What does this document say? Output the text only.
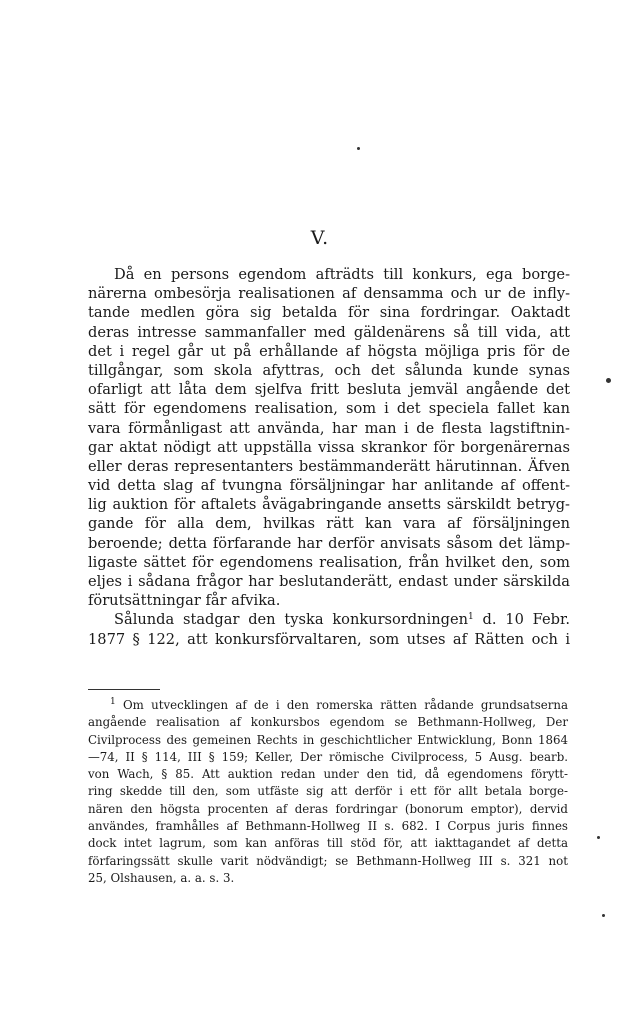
V.
Då en persons egendom afträdts till konkurs, ega borge-
närerna ombesörja realisationen af densamma och ur de infly-
tande medlen göra sig betalda för sina fordringar. Oaktadt
deras intresse sammanfaller med gäldenärens så till vida, att
det i regel går ut på erhållande af högsta möjliga pris för de
tillgångar, som skola afyttras, och det sålunda kunde synas
ofarligt att låta dem sjelfva fritt besluta jemväl angående det
sätt för egendomens realisation, som i det speciela fallet kan
vara förmånligast att använda, har man i de flesta lagstiftnin-
gar aktat nödigt att uppställa vissa skrankor för borgenärernas
eller deras representanters bestämmanderätt härutinnan. Äfven
vid detta slag af tvungna försäljningar har anlitande af offent-
lig auktion för aftalets åvägabringande ansetts särskildt betryg-
gande för alla dem, hvilkas rätt kan vara af försäljningen
beroende; detta förfarande har derför anvisats såsom det lämp-
ligaste sättet för egendomens realisation, från hvilket den, som
eljes i sådana frågor har beslutanderätt, endast under särskilda
förutsättningar får afvika.
Sålunda stadgar den tyska konkursordningen$^1$ d. 10 Febr.
1877 § 122, att konkursförvaltaren, som utses af Rätten och i
$^1$ Om utvecklingen af de i den romerska rätten rådande grundsatserna
angående realisation af konkursbos egendom se Bethmann-Hollweg, Der
Civilprocess des gemeinen Rechts in geschichtlicher Entwicklung, Bonn 1864
—74, II § 114, III § 159; Keller, Der römische Civilprocess, 5 Ausg. bearb.
von Wach, § 85. Att auktion redan under den tid, då egendomens förytt-
ring skedde till den, som utfäste sig att derför i ett för allt betala borge-
nären den högsta procenten af deras fordringar (bonorum emptor), dervid
användes, framhålles af Bethmann-Hollweg II s. 682. I Corpus juris finnes
dock intet lagrum, som kan anföras till stöd för, att iakttagandet af detta
förfaringssätt skulle varit nödvändigt; se Bethmann-Hollweg III s. 321 not
25, Olshausen, a. a. s. 3.
